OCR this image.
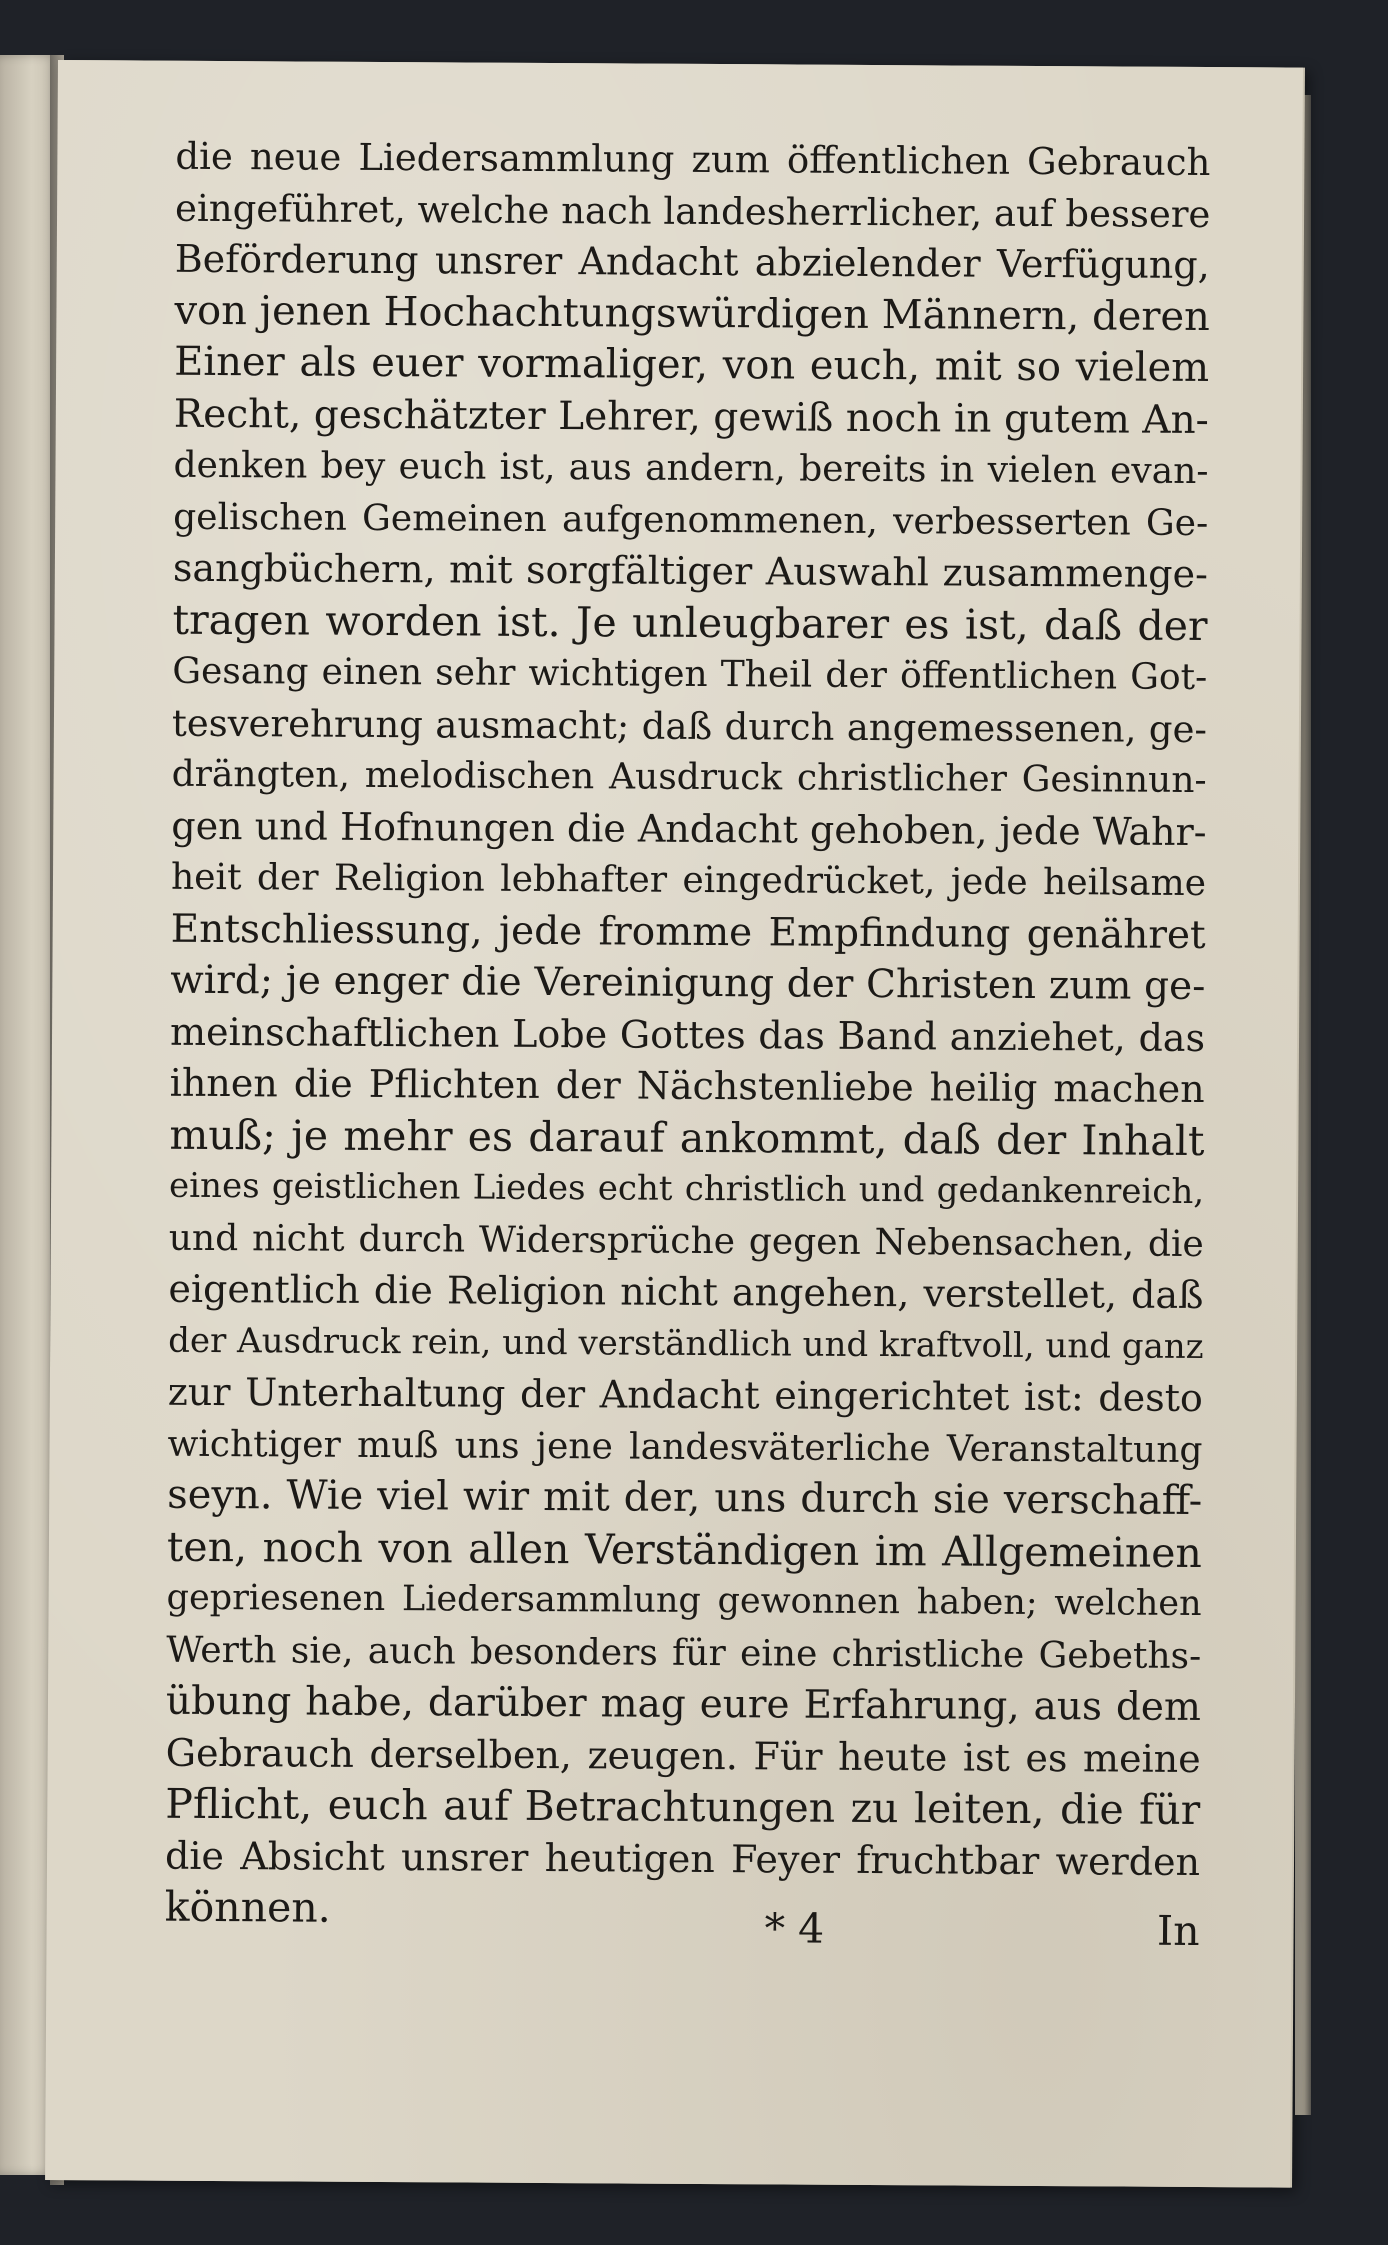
die neue Liedersammlung zum öffentlichen Gebrauch
eingeführet, welche nach landesherrlicher, auf bessere
Beförderung unsrer Andacht abzielender Verfügung,
von jenen Hochachtungswürdigen Männern, deren
Einer als euer vormaliger, von euch, mit so vielem
Recht, geschätzter Lehrer, gewiß noch in gutem An-
denken bey euch ist, aus andern, bereits in vielen evan-
gelischen Gemeinen aufgenommenen, verbesserten Ge-
sangbüchern, mit sorgfältiger Auswahl zusammenge-
tragen worden ist. Je unleugbarer es ist, daß der
Gesang einen sehr wichtigen Theil der öffentlichen Got-
tesverehrung ausmacht; daß durch angemessenen, ge-
drängten, melodischen Ausdruck christlicher Gesinnun-
gen und Hofnungen die Andacht gehoben, jede Wahr-
heit der Religion lebhafter eingedrücket, jede heilsame
Entschliessung, jede fromme Empfindung genähret
wird; je enger die Vereinigung der Christen zum ge-
meinschaftlichen Lobe Gottes das Band anziehet, das
ihnen die Pflichten der Nächstenliebe heilig machen
muß; je mehr es darauf ankommt, daß der Inhalt
eines geistlichen Liedes echt christlich und gedankenreich,
und nicht durch Widersprüche gegen Nebensachen, die
eigentlich die Religion nicht angehen, verstellet, daß
der Ausdruck rein, und verständlich und kraftvoll, und ganz
zur Unterhaltung der Andacht eingerichtet ist: desto
wichtiger muß uns jene landesväterliche Veranstaltung
seyn. Wie viel wir mit der, uns durch sie verschaff-
ten, noch von allen Verständigen im Allgemeinen
gepriesenen Liedersammlung gewonnen haben; welchen
Werth sie, auch besonders für eine christliche Gebeths-
übung habe, darüber mag eure Erfahrung, aus dem
Gebrauch derselben, zeugen. Für heute ist es meine
Pflicht, euch auf Betrachtungen zu leiten, die für
die Absicht unsrer heutigen Feyer fruchtbar werden
können.	* 4	In
